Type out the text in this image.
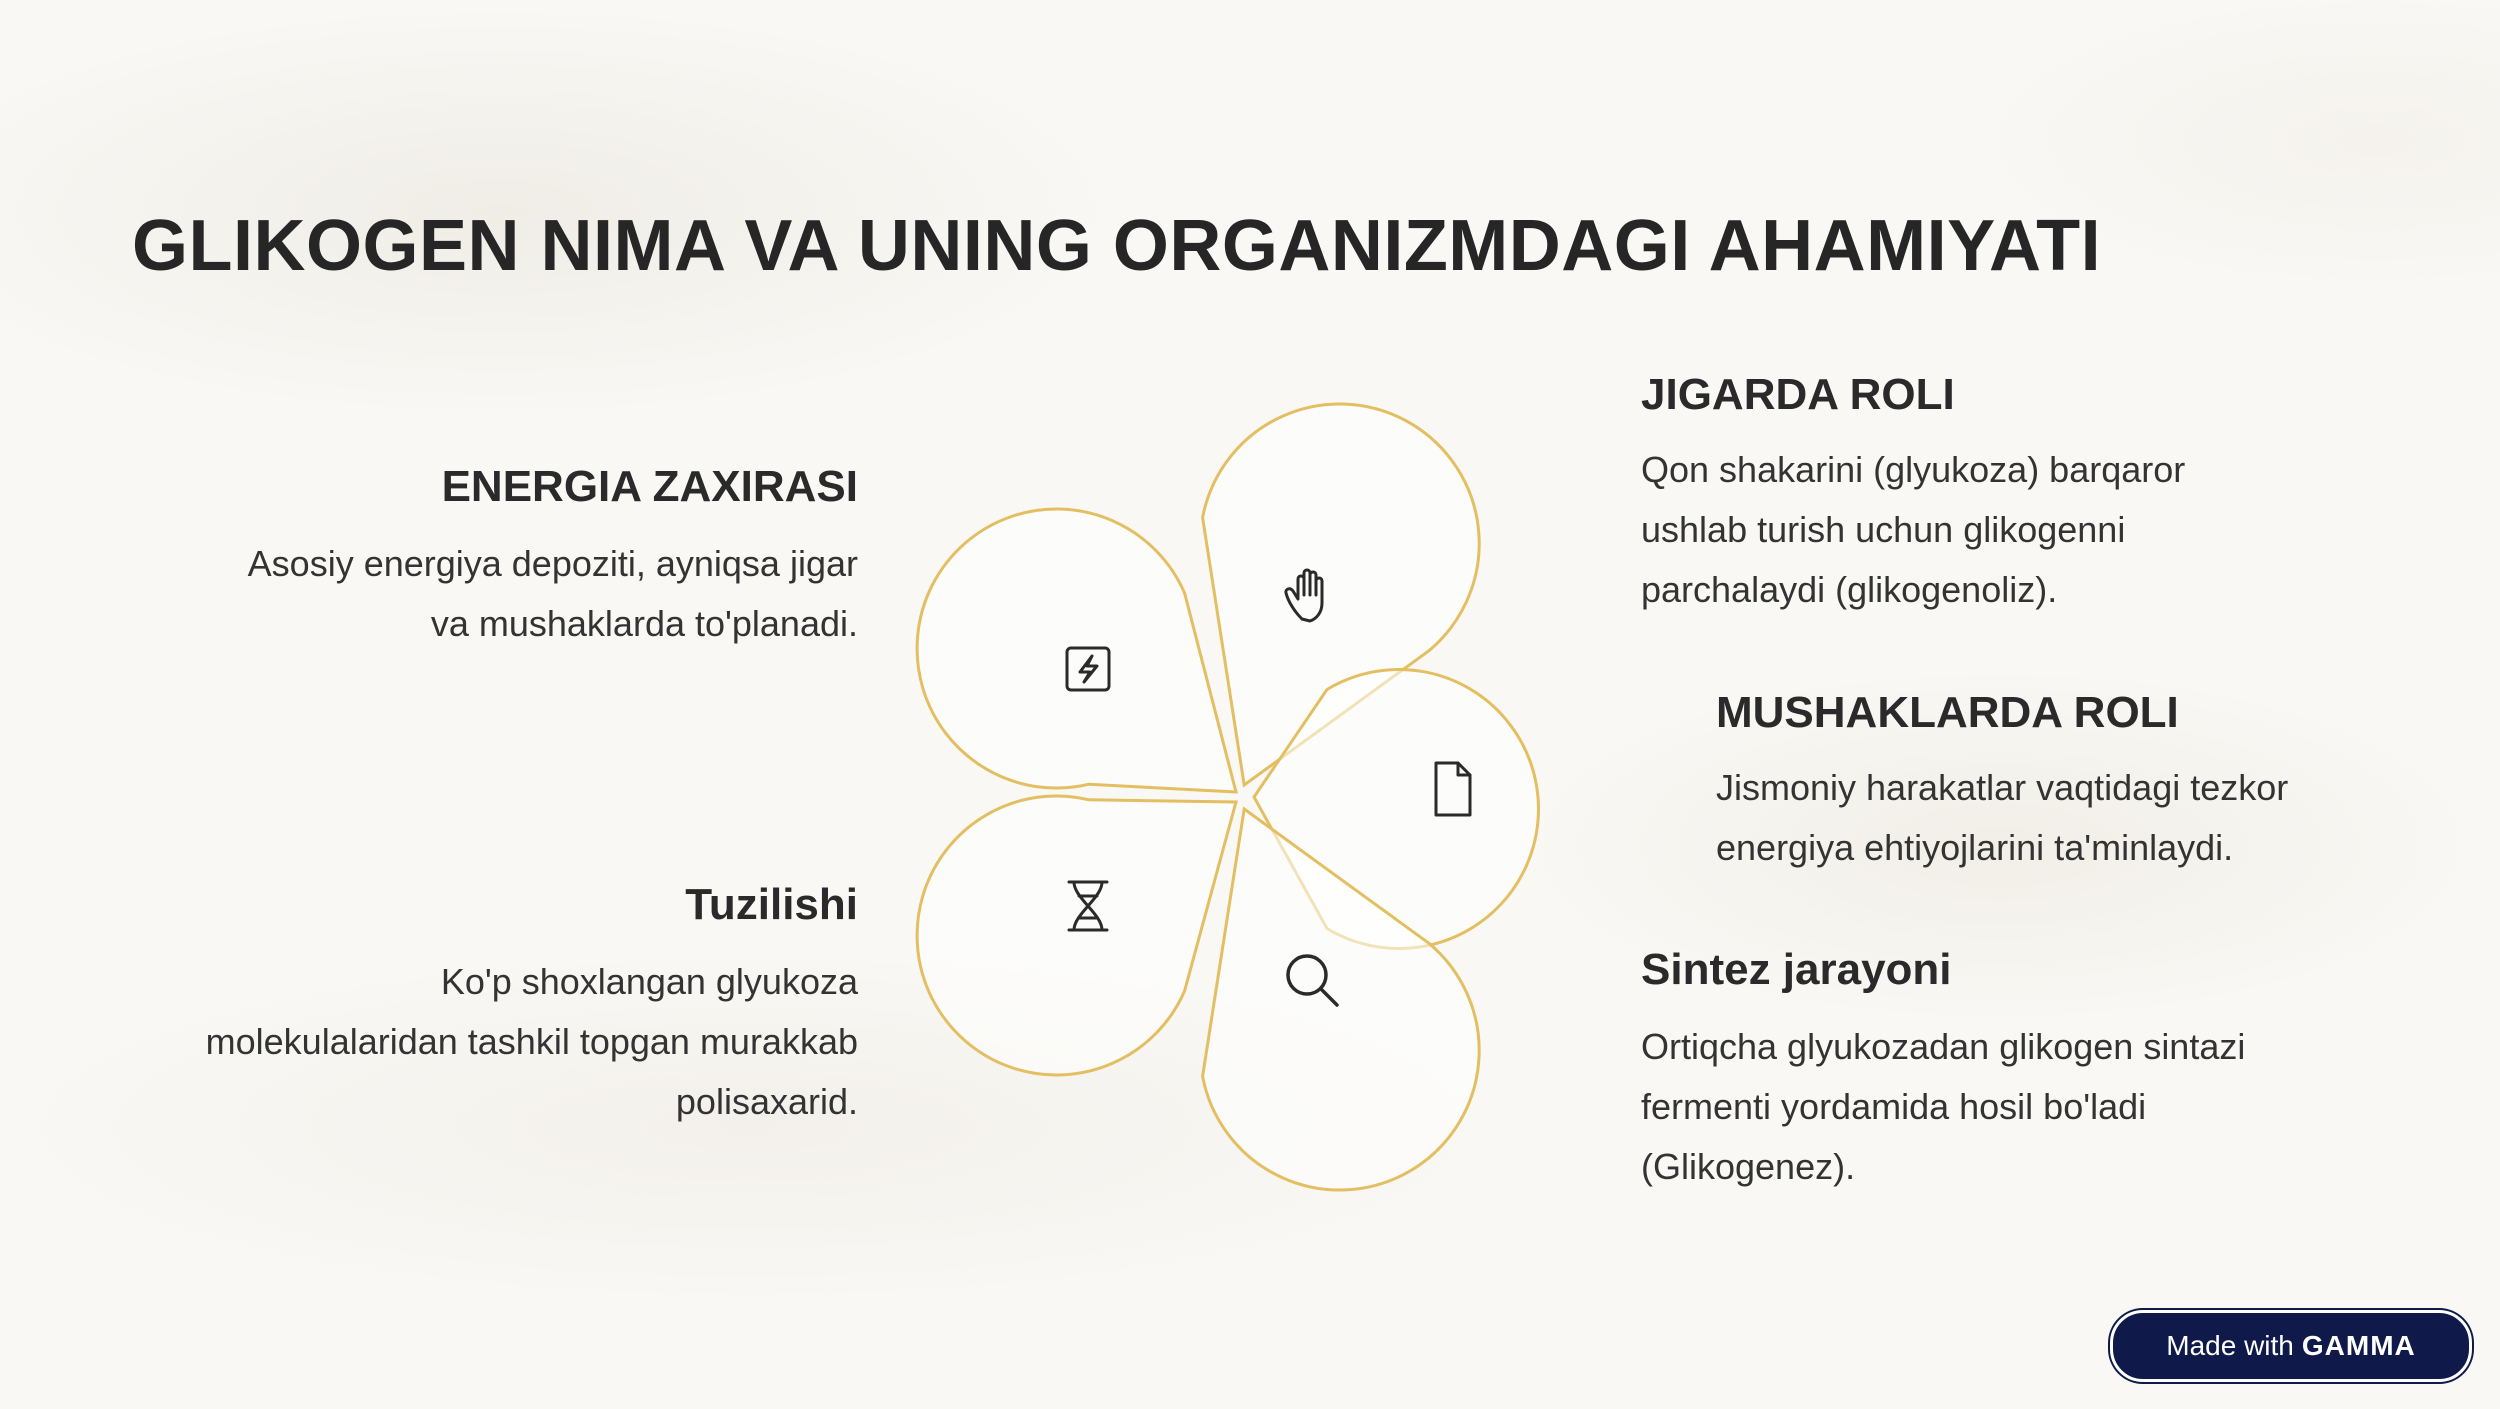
GLIKOGEN NIMA VA UNING ORGANIZMDAGI AHAMIYATI
ENERGIA ZAXIRASI

Asosiy energiya depoziti, ayniqsa jigar
va mushaklarda to'planadi.

Tuzilishi

Ko'p shoxlangan glyukoza
molekulalaridan tashkil topgan murakkab
polisaxarid.

JIGARDA ROLI

Qon shakarini (glyukoza) barqaror
ushlab turish uchun glikogenni
parchalaydi (glikogenoliz).

MUSHAKLARDA ROLI

Jismoniy harakatlar vaqtidagi tezkor
energiya ehtiyojlarini ta'minlaydi.

Sintez jarayoni

Ortiqcha glyukozadan glikogen sintazi
fermenti yordamida hosil bo'ladi
(Glikogenez).

Made with GAMMA
